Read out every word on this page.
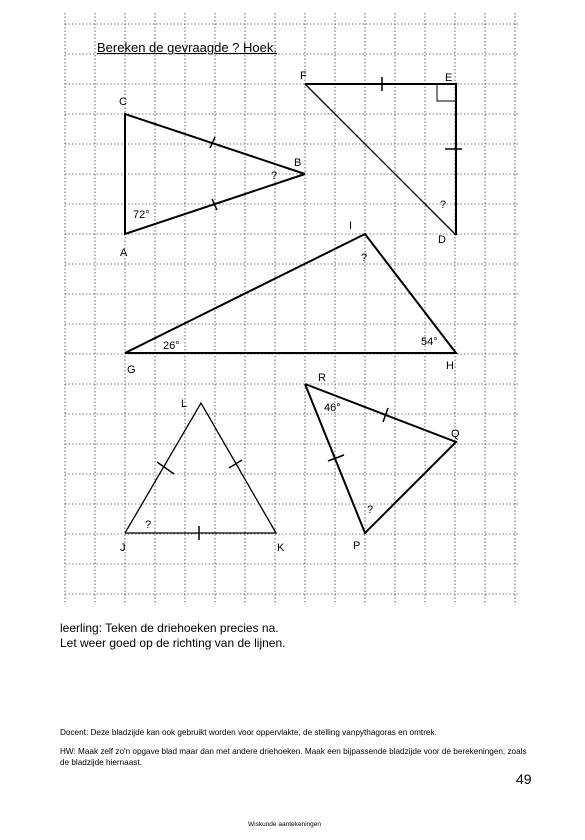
C
A
B
72°
?
F	E
D
?
I
G	H
26°	54°
?
L
J	K
?
R
Q
P
46°
?
Bereken de gevraagde ? Hoek.
leerling: Teken de driehoeken precies na.
Let weer goed op de richting van de lijnen.
Docent: Deze bladzijde kan ook gebruikt worden voor oppervlakte, de stelling vanpythagoras en omtrek.
HW: Maak zelf zo'n opgave blad maar dan met andere driehoeken. Maak een bijpassende bladzijde voor de berekeningen, zoals de bladzijde hiernaast.
49
Wiskunde aantekeningen
